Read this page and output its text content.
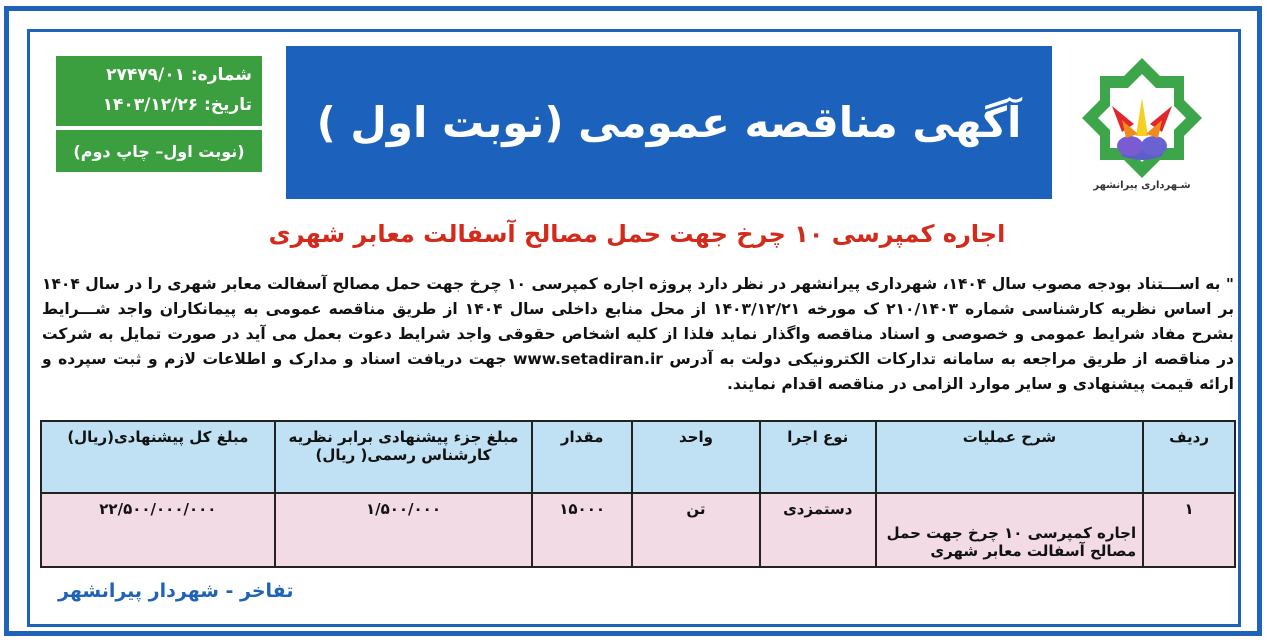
شـهرداری پیرانشهر
آگهی مناقصه عمومی (نوبت اول )
شماره: ۲۷۴۷۹/۰۱
تاریخ: ۱۴۰۳/۱۲/۲۶
(نوبت اول– چاپ دوم)
اجاره کمپرسی ۱۰ چرخ جهت حمل مصالح آسفالت معابر شهری
" به اســـتناد بودجه مصوب سال ۱۴۰۴، شهرداری پیرانشهر در نظر دارد پروژه اجاره کمپرسی ۱۰ چرخ جهت حمل مصالح آسفالت معابر شهری را در سال ۱۴۰۴ بر اساس نظریه کارشناسی شماره ۲۱۰/۱۴۰۳ ک مورخه ۱۴۰۳/۱۲/۲۱ از محل منابع داخلی سال ۱۴۰۴ از طریق مناقصه عمومی به پیمانکاران واجد شـــرایط بشرح مفاد شرایط عمومی و خصوصی و اسناد مناقصه واگذار نماید فلذا از کلیه اشخاص حقوقی واجد شرایط دعوت بعمل می آید در صورت تمایل به شرکت در مناقصه از طریق مراجعه به سامانه تدارکات الکترونیکی دولت به آدرس www.setadiran.ir جهت دریافت اسناد و مدارک و اطلاعات لازم و ثبت سپرده و ارائه قیمت پیشنهادی و سایر موارد الزامی در مناقصه اقدام نمایند.
ردیف	شرح عملیات	نوع اجرا	واحد	مقدار	مبلغ جزء پیشنهادی برابر نظریه کارشناس رسمی( ریال)	مبلغ کل پیشنهادی(ریال)
۱	اجاره کمپرسی ۱۰ چرخ جهت حمل مصالح آسفالت معابر شهری	دستمزدی	تن	۱۵۰۰۰	۱/۵۰۰/۰۰۰	۲۲/۵۰۰/۰۰۰/۰۰۰
تفاخر - شهردار پیرانشهر
